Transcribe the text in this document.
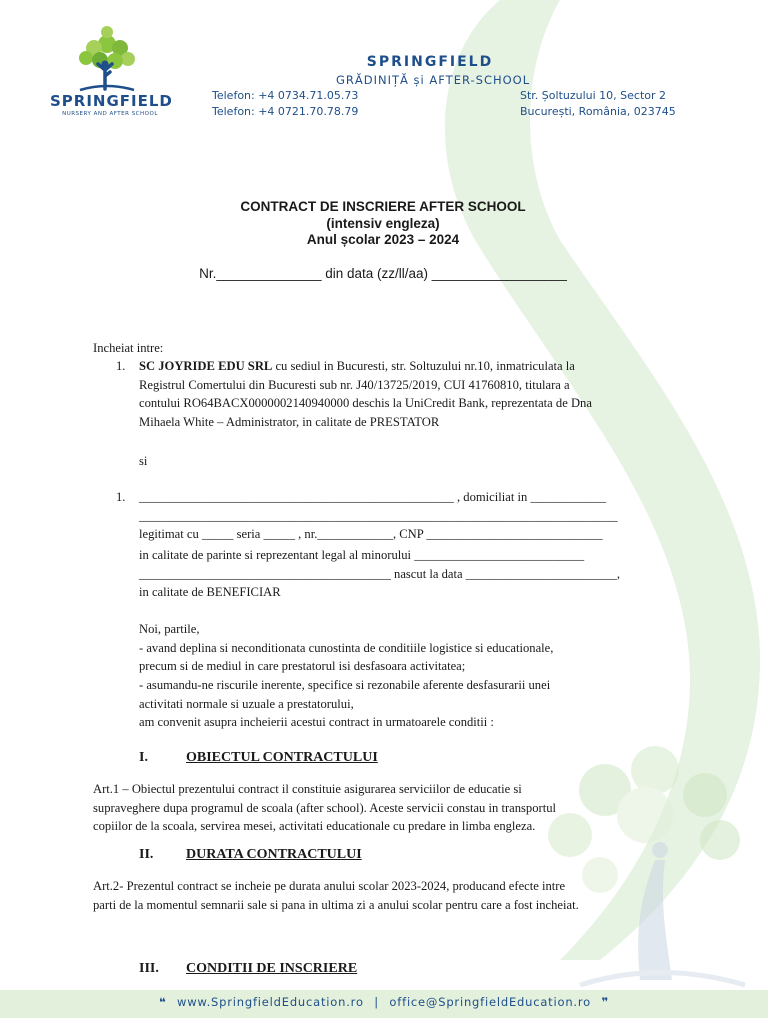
SPRINGFIELD
NURSERY AND AFTER SCHOOL
SPRINGFIELD
GRĂDINIȚĂ și AFTER-SCHOOL
Telefon: +4 0734.71.05.73
Telefon: +4 0721.70.78.79
Str. Șoltuzului 10, Sector 2
București, România, 023745
CONTRACT DE INSCRIERE AFTER SCHOOL
(intensiv engleza)
Anul școlar 2023 – 2024
Nr.______________ din data (zz/ll/aa) __________________
Incheiat intre:
1. SC JOYRIDE EDU SRL cu sediul in Bucuresti, str. Soltuzului nr.10, inmatriculata la
Registrul Comertului din Bucuresti sub nr. J40/13725/2019, CUI 41760810, titulara a
contului RO64BACX0000002140940000 deschis la UniCredit Bank, reprezentata de Dna
Mihaela White – Administrator, in calitate de PRESTATOR
si
1. __________________________________________________ , domiciliat in ____________
____________________________________________________________________________
legitimat cu _____ seria _____ , nr.____________, CNP ____________________________
in calitate de parinte si reprezentant legal al minorului ___________________________
________________________________________ nascut la data ________________________,
in calitate de BENEFICIAR
Noi, partile,
- avand deplina si neconditionata cunostinta de conditiile logistice si educationale,
precum si de mediul in care prestatorul isi desfasoara activitatea;
- asumandu-ne riscurile inerente, specifice si rezonabile aferente desfasurarii unei
activitati normale si uzuale a prestatorului,
am convenit asupra incheierii acestui contract in urmatoarele conditii :
I.	OBIECTUL CONTRACTULUI
Art.1 – Obiectul prezentului contract il constituie asigurarea serviciilor de educatie si
supraveghere dupa programul de scoala (after school). Aceste servicii constau in transportul
copiilor de la scoala, servirea mesei, activitati educationale cu predare in limba engleza.
II. DURATA CONTRACTULUI
Art.2- Prezentul contract se incheie pe durata anului scolar 2023-2024, producand efecte intre
parti de la momentul semnarii sale si pana in ultima zi a anului scolar pentru care a fost incheiat.
III. CONDITII DE INSCRIERE
❝ www.SpringfieldEducation.ro | office@SpringfieldEducation.ro ❞
